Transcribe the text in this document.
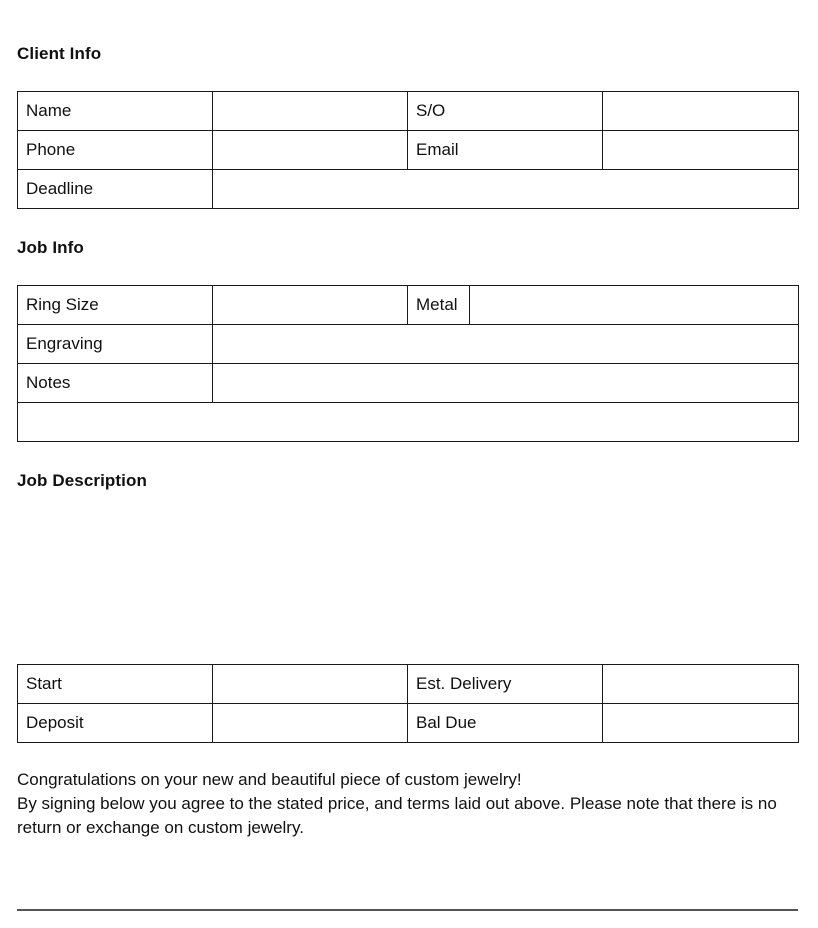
Client Info
Name		S/O	
Phone		Email	
Deadline	
Job Info
Ring Size		Metal	
Engraving	
Notes	

Job Description
Start		Est. Delivery	
Deposit		Bal Due	

Congratulations on your new and beautiful piece of custom jewelry!
By signing below you agree to the stated price, and terms laid out above. Please note that there is no return or exchange on custom jewelry.
